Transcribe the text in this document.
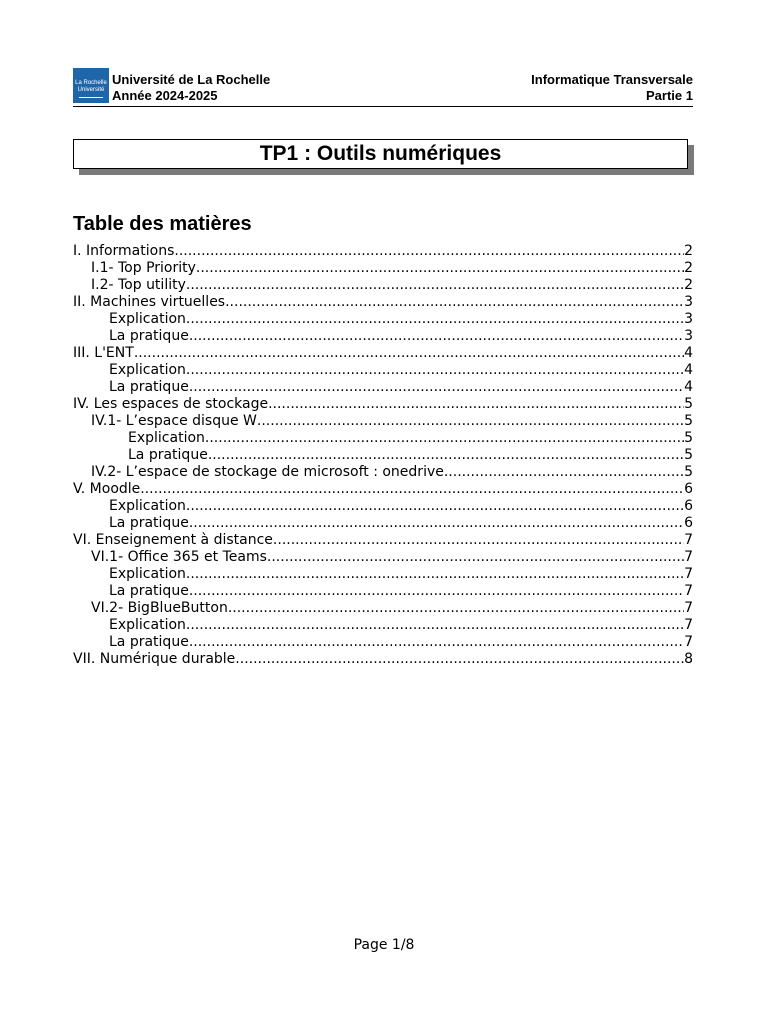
La Rochelle
Université
Université de La Rochelle
Année 2024-2025
Informatique Transversale
Partie 1
TP1 : Outils numériques
Table des matières
I. Informations .....	2
I.1- Top Priority .....	2
I.2- Top utility .....	2
II. Machines virtuelles .....	3
Explication .....	3
La pratique .....	3
III. L'ENT .....	4
Explication .....	4
La pratique .....	4
IV. Les espaces de stockage .....	5
IV.1- L’espace disque W .....	5
Explication .....	5
La pratique .....	5
IV.2- L’espace de stockage de microsoft : onedrive .....	5
V. Moodle .....	6
Explication .....	6
La pratique .....	6
VI. Enseignement à distance .....	7
VI.1- Office 365 et Teams .....	7
Explication .....	7
La pratique .....	7
VI.2- BigBlueButton .....	7
Explication .....	7
La pratique .....	7
VII. Numérique durable .....	8
Page 1/8
